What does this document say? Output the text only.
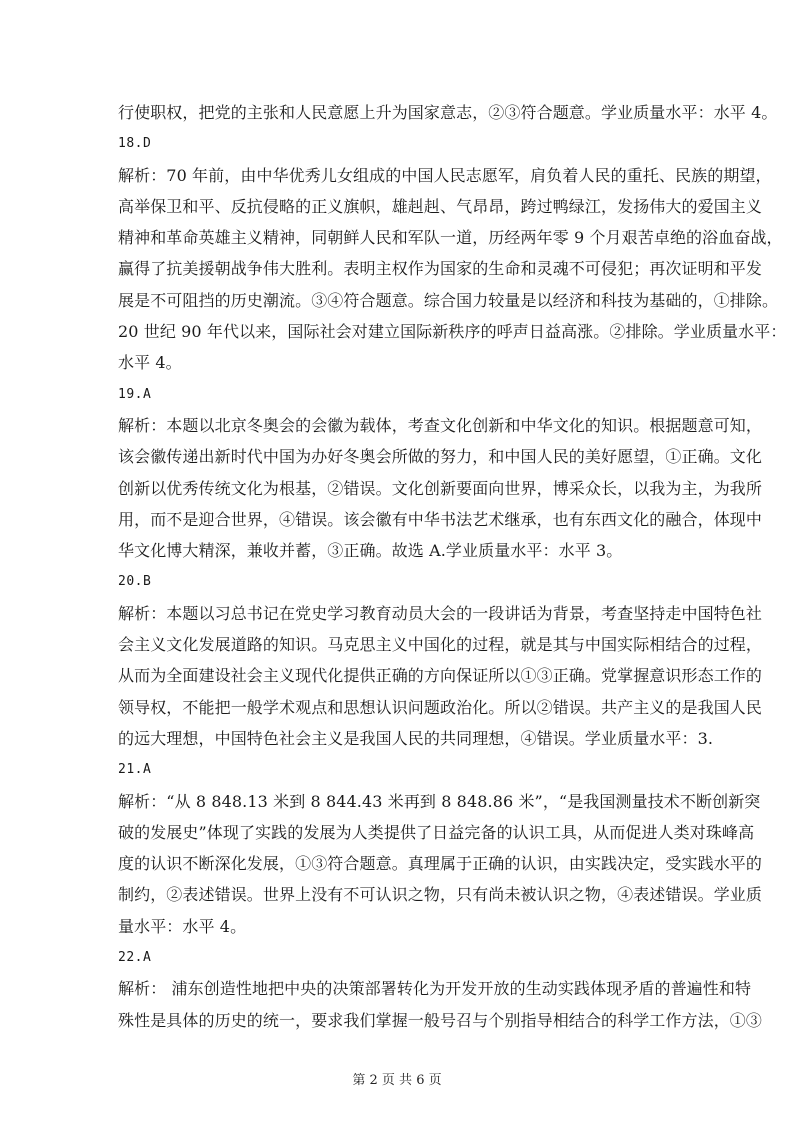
行使职权，把党的主张和人民意愿上升为国家意志，②③符合题意。学业质量水平：水平 4。
18.D
解析：70 年前，由中华优秀儿女组成的中国人民志愿军，肩负着人民的重托、民族的期望，
高举保卫和平、反抗侵略的正义旗帜，雄赳赳、气昂昂，跨过鸭绿江，发扬伟大的爱国主义
精神和革命英雄主义精神，同朝鲜人民和军队一道，历经两年零 9 个月艰苦卓绝的浴血奋战，
赢得了抗美援朝战争伟大胜利。表明主权作为国家的生命和灵魂不可侵犯；再次证明和平发
展是不可阻挡的历史潮流。③④符合题意。综合国力较量是以经济和科技为基础的，①排除。
20 世纪 90 年代以来，国际社会对建立国际新秩序的呼声日益高涨。②排除。学业质量水平：
水平 4。
19.A
解析：本题以北京冬奥会的会徽为载体，考查文化创新和中华文化的知识。根据题意可知，
该会徽传递出新时代中国为办好冬奥会所做的努力，和中国人民的美好愿望，①正确。文化
创新以优秀传统文化为根基，②错误。文化创新要面向世界，博采众长，以我为主，为我所
用，而不是迎合世界，④错误。该会徽有中华书法艺术继承，也有东西文化的融合，体现中
华文化博大精深，兼收并蓄，③正确。故选 A.学业质量水平：水平 3。
20.B
解析：本题以习总书记在党史学习教育动员大会的一段讲话为背景，考查坚持走中国特色社
会主义文化发展道路的知识。马克思主义中国化的过程，就是其与中国实际相结合的过程，
从而为全面建设社会主义现代化提供正确的方向保证所以①③正确。党掌握意识形态工作的
领导权，不能把一般学术观点和思想认识问题政治化。所以②错误。共产主义的是我国人民
的远大理想，中国特色社会主义是我国人民的共同理想，④错误。学业质量水平：3.
21.A
解析：“从 8 848.13 米到 8 844.43 米再到 8 848.86 米”，“是我国测量技术不断创新突
破的发展史”体现了实践的发展为人类提供了日益完备的认识工具，从而促进人类对珠峰高
度的认识不断深化发展，①③符合题意。真理属于正确的认识，由实践决定，受实践水平的
制约，②表述错误。世界上没有不可认识之物，只有尚未被认识之物，④表述错误。学业质
量水平：水平 4。
22.A
解析： 浦东创造性地把中央的决策部署转化为开发开放的生动实践体现矛盾的普遍性和特
殊性是具体的历史的统一，要求我们掌握一般号召与个别指导相结合的科学工作方法，①③
第 2 页 共 6 页
